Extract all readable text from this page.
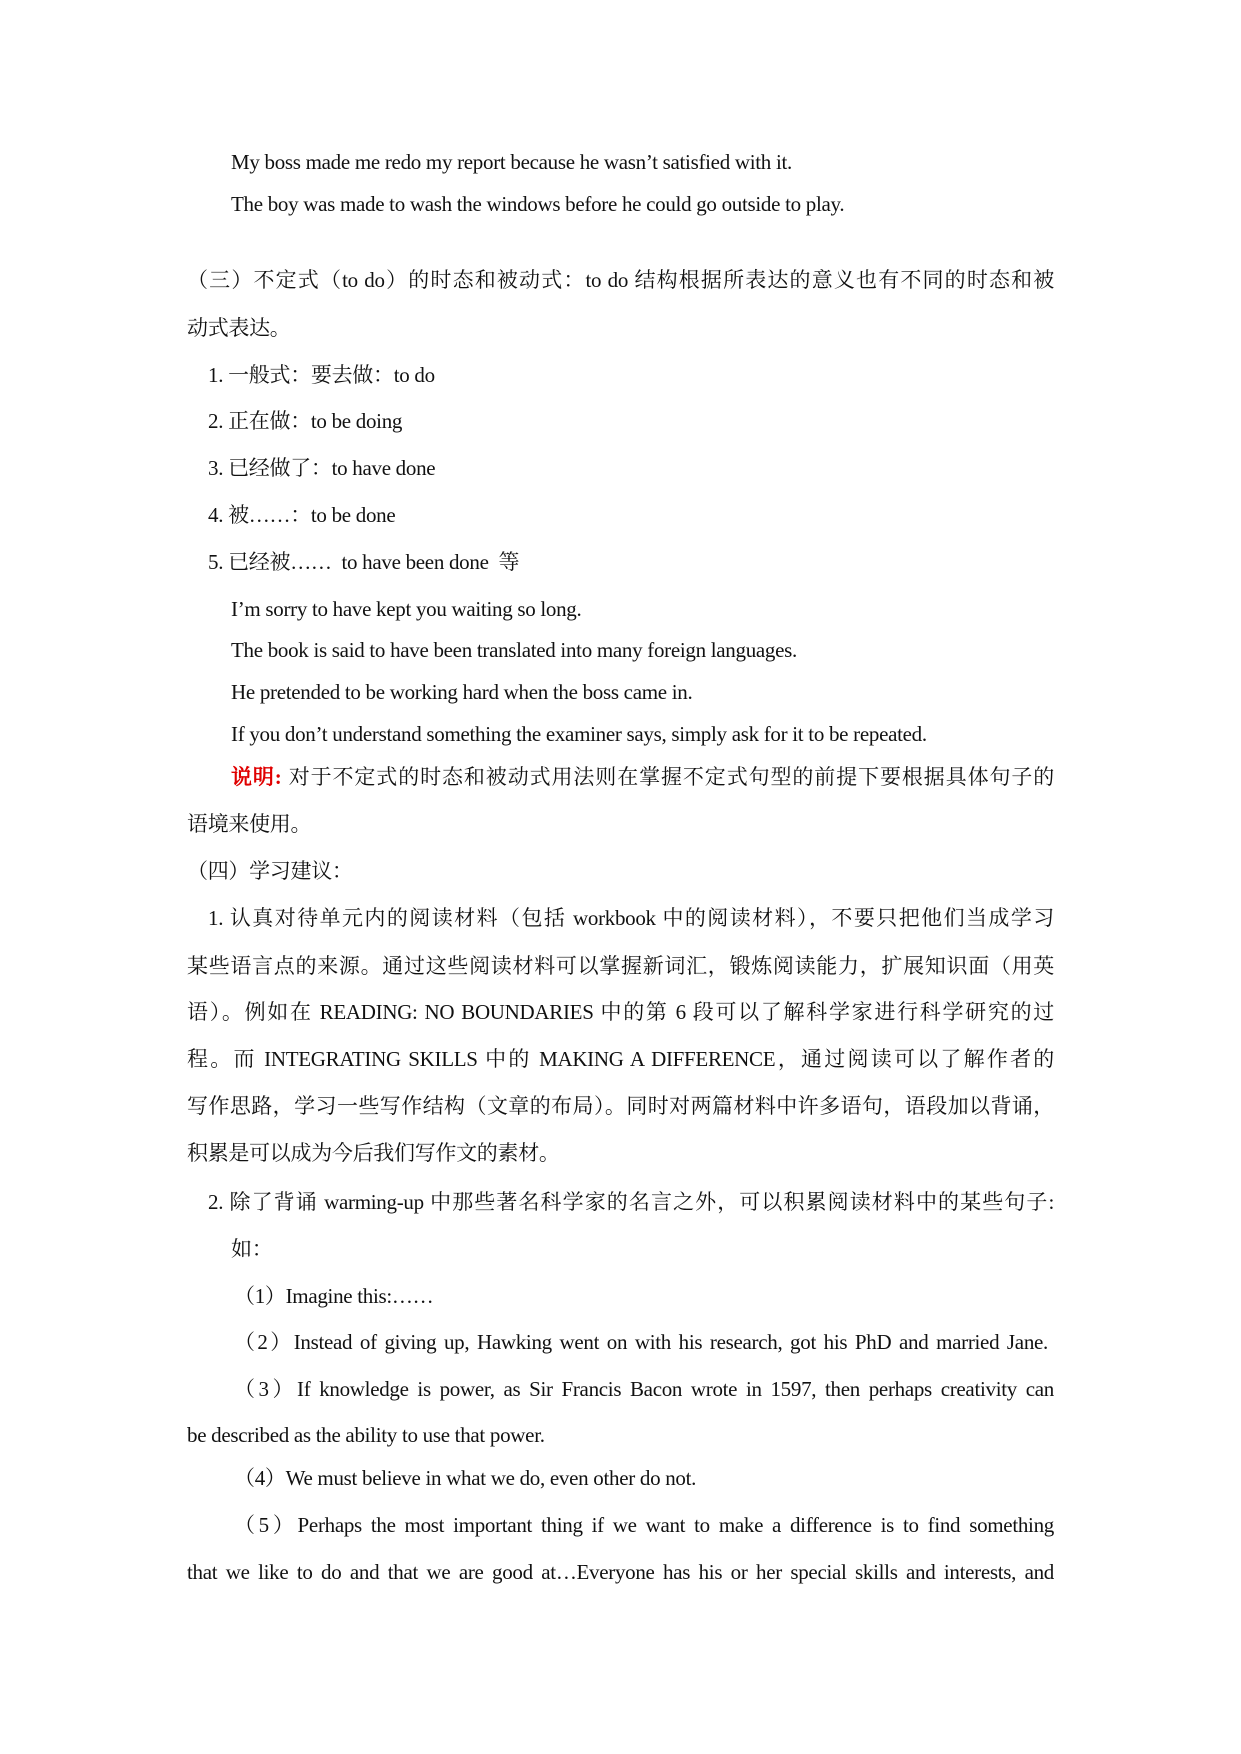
My boss made me redo my report because he wasn’t satisfied with it.
The boy was made to wash the windows before he could go outside to play.
（三）不定式（to do）的时态和被动式：to do 结构根据所表达的意义也有不同的时态和被
动式表达。
1. 一般式：要去做：to do
2. 正在做：to be doing
3. 已经做了：to have done
4. 被……：to be done
5. 已经被……  to have been done  等
I’m sorry to have kept you waiting so long.
The book is said to have been translated into many foreign languages.
He pretended to be working hard when the boss came in.
If you don’t understand something the examiner says, simply ask for it to be repeated.
说明: 对于不定式的时态和被动式用法则在掌握不定式句型的前提下要根据具体句子的
语境来使用。
（四）学习建议：
1. 认真对待单元内的阅读材料（包括 workbook 中的阅读材料），不要只把他们当成学习
某些语言点的来源。通过这些阅读材料可以掌握新词汇，锻炼阅读能力，扩展知识面（用英
语）。例如在 READING: NO BOUNDARIES 中的第 6 段可以了解科学家进行科学研究的过
程。而 INTEGRATING SKILLS 中的 MAKING A DIFFERENCE，通过阅读可以了解作者的
写作思路，学习一些写作结构（文章的布局）。同时对两篇材料中许多语句，语段加以背诵，
积累是可以成为今后我们写作文的素材。
2. 除了背诵 warming-up 中那些著名科学家的名言之外，可以积累阅读材料中的某些句子:
如：
（1）Imagine this:……
（2）Instead of giving up, Hawking went on with his research, got his PhD and married Jane.
（3）If knowledge is power, as Sir Francis Bacon wrote in 1597, then perhaps creativity can
be described as the ability to use that power.
（4）We must believe in what we do, even other do not.
（5）Perhaps the most important thing if we want to make a difference is to find something
that we like to do and that we are good at…Everyone has his or her special skills and interests, and
